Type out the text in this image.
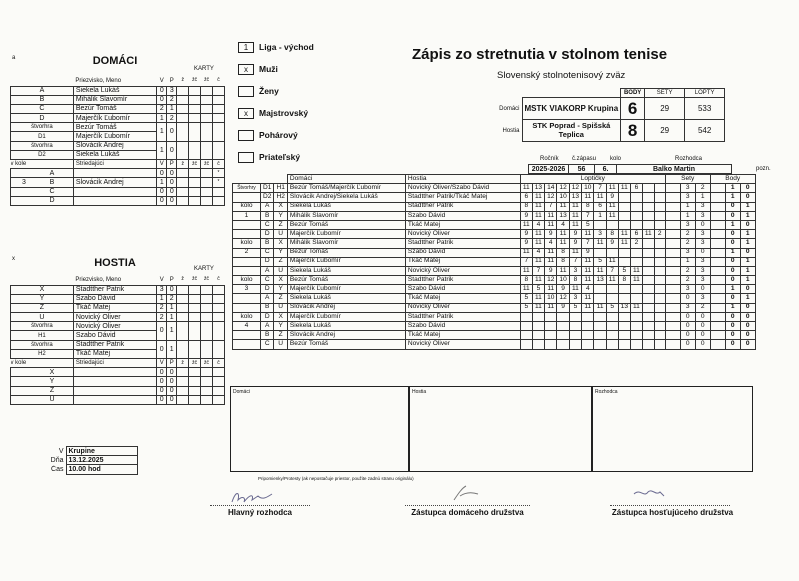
a	DOMÁCI
KARTY
	Priezvisko, Meno	V	P	ž	žč	žč	č
A	Siekela Lukáš	0	3				
B	Mihálik Slavomír	0	2				
C	Bezúr Tomáš	2	1				
D	Majerčík Ľubomír	1	2				
štvorhra	Bezúr Tomáš	1	0				
D1	Majerčík Ľubomír						
štvorhra	Slovácik Andrej	1	0				
D2	Siekela Lukáš						
v kole	Striedajúci	V	P	ž	žč	žč	č
A		0	0				*
3 B	Slovácik Andrej	1	0				*
C		0	0				
D		0	0				
x	HOSTIA	KARTY
	Priezvisko, Meno	V	P	ž	žč	žč	č
X	Stadtther Patrik	3	0				
Y	Szabo Dávid	1	2				
Z	Tkáč Matej	2	1				
U	Novický Oliver	2	1				
štvorhra	Novický Oliver	0	1				
H1	Szabo Dávid						
štvorhra	Stadtther Patrik	0	1				
H2	Tkáč Matej						
v kole	Striedajúci	V	P	ž	žč	žč	č
X		0	0				
Y		0	0				
Z		0	0				
U		0	0				
V	Krupine
Dňa	13.12.2025
Čas	10.00 hod
1	Liga - východ
x	Muži
Ženy
x	Majstrovský
Pohárový
Priateľský
Zápis zo stretnutia v stolnom tenise
Slovenský stolnotenisový zväz
		BODY	SETY	LOPTY
Domáci	MSTK VIAKORP Krupina	6	29	533
Hostia	STK Poprad - Spišská Teplica	8	29	542
Ročník č.zápasu kolo	Rozhodca
2025-2026	56	6.	Balko Martin	pozn.
			Domáci	Hostia	Loptičky												Sety			Body		
Štvorhry	D1	H1	Bezúr Tomáš/Majerčík Ľubomír	Novický Oliver/Szabo Dávid	11	13	14	12	12	10	7	11	11	6				3	2		1	0
	D2	H2	Slovácik Andrej/Siekela Lukáš	Stadtther Patrik/Tkáč Matej	6	11	12	10	13	11	11	9						3	1		1	0
kolo	A	X	Siekela Lukáš	Stadtther Patrik	8	11	7	11	11	8	6	11						1	3		0	1
1	B	Y	Mihálik Slavomír	Szabo Dávid	9	11	11	13	11	7	1	11						1	3		0	1
	C	Z	Bezúr Tomáš	Tkáč Matej	11	4	11	4	11	5								3	0		1	0
	D	U	Majerčík Ľubomír	Novický Oliver	9	11	9	11	9	11	3	8	11	6	11	2		2	3		0	1
kolo	B	X	Mihálik Slavomír	Stadtther Patrik	9	11	4	11	9	7	11	9	11	2				2	3		0	1
2	C	Y	Bezúr Tomáš	Szabo Dávid	11	4	11	8	11	9								3	0		1	0
	D	Z	Majerčík Ľubomír	Tkáč Matej	7	11	11	8	7	11	5	11						1	3		0	1
	A	U	Siekela Lukáš	Novický Oliver	11	7	9	11	3	11	11	7	5	11				2	3		0	1
kolo	C	X	Bezúr Tomáš	Stadtther Patrik	8	11	12	10	8	11	13	11	8	11				2	3		0	1
3	D	Y	Majerčík Ľubomír	Szabo Dávid	11	5	11	9	11	4								3	0		1	0
	A	Z	Siekela Lukáš	Tkáč Matej	5	11	10	12	3	11								0	3		0	1
	B	U	Slovácik Andrej	Novický Oliver	5	11	11	9	5	11	11	5	13	11				3	2		1	0
kolo	D	X	Majerčík Ľubomír	Stadtther Patrik														0	0		0	0
4	A	Y	Siekela Lukáš	Szabo Dávid														0	0		0	0
	B	Z	Slovácik Andrej	Tkáč Matej														0	0		0	0
	C	U	Bezúr Tomáš	Novický Oliver														0	0		0	0
Domáci	Hostia	Rozhodca
Pripomienky/Protesty (ak nepostačuje priestor, použite zadnú stranu originálu)
Hlavný rozhodca	Zástupca domáceho družstva	Zástupca hosťujúceho družstva
